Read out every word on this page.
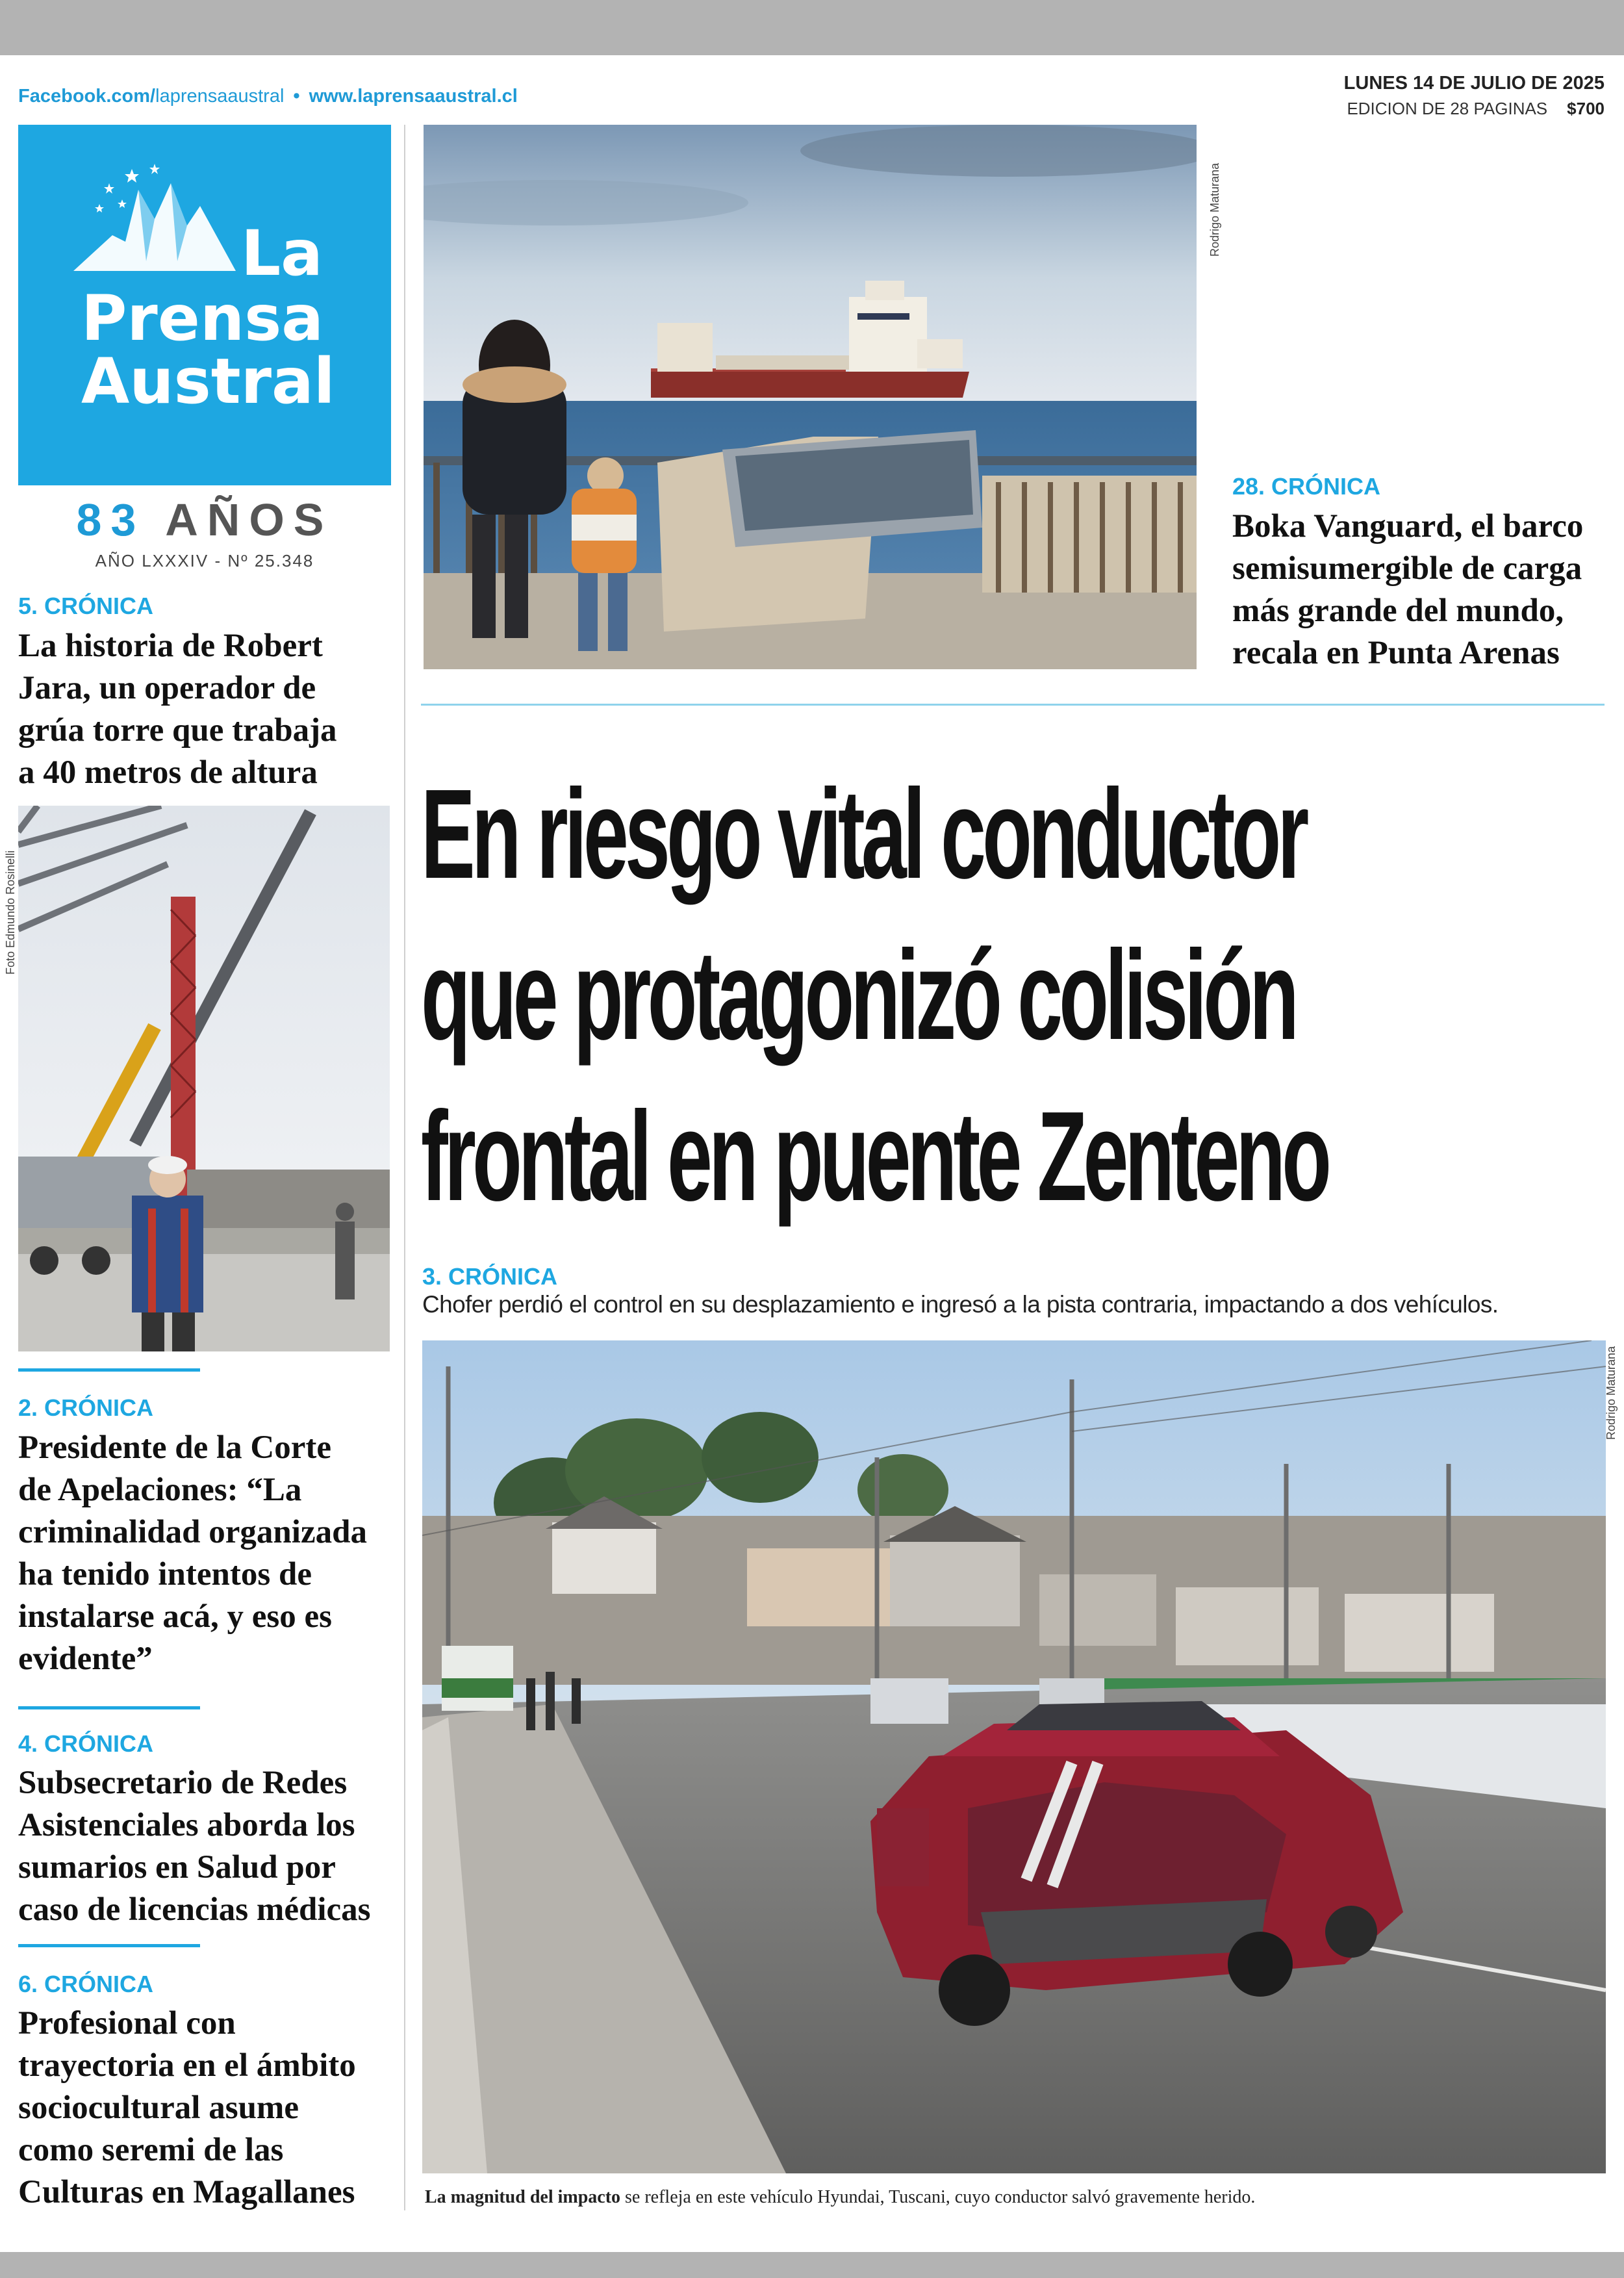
Facebook.com/laprensaaustral • www.laprensaaustral.cl
LUNES 14 DE JULIO DE 2025
EDICION DE 28 PAGINAS $700
La
Prensa
Austral
83 AÑOS
AÑO LXXXIV - Nº 25.348
5. CRÓNICA
La historia de Robert Jara, un operador de grúa torre que trabaja a 40 metros de altura
Foto Edmundo Rosinelli
2. CRÓNICA
Presidente de la Corte de Apelaciones: “La criminalidad organizada ha tenido intentos de instalarse acá, y eso es evidente”
4. CRÓNICA
Subsecretario de Redes Asistenciales aborda los sumarios en Salud por caso de licencias médicas
6. CRÓNICA
Profesional con trayectoria en el ámbito sociocultural asume como seremi de las Culturas en Magallanes
Rodrigo Maturana
28. CRÓNICA
Boka Vanguard, el barco semisumergible de carga más grande del mundo, recala en Punta Arenas
En riesgo vital conductor
que protagonizó colisión
frontal en puente Zenteno
3. CRÓNICA
Chofer perdió el control en su desplazamiento e ingresó a la pista contraria, impactando a dos vehículos.
Rodrigo Maturana
La magnitud del impacto se refleja en este vehículo Hyundai, Tuscani, cuyo conductor salvó gravemente herido.
